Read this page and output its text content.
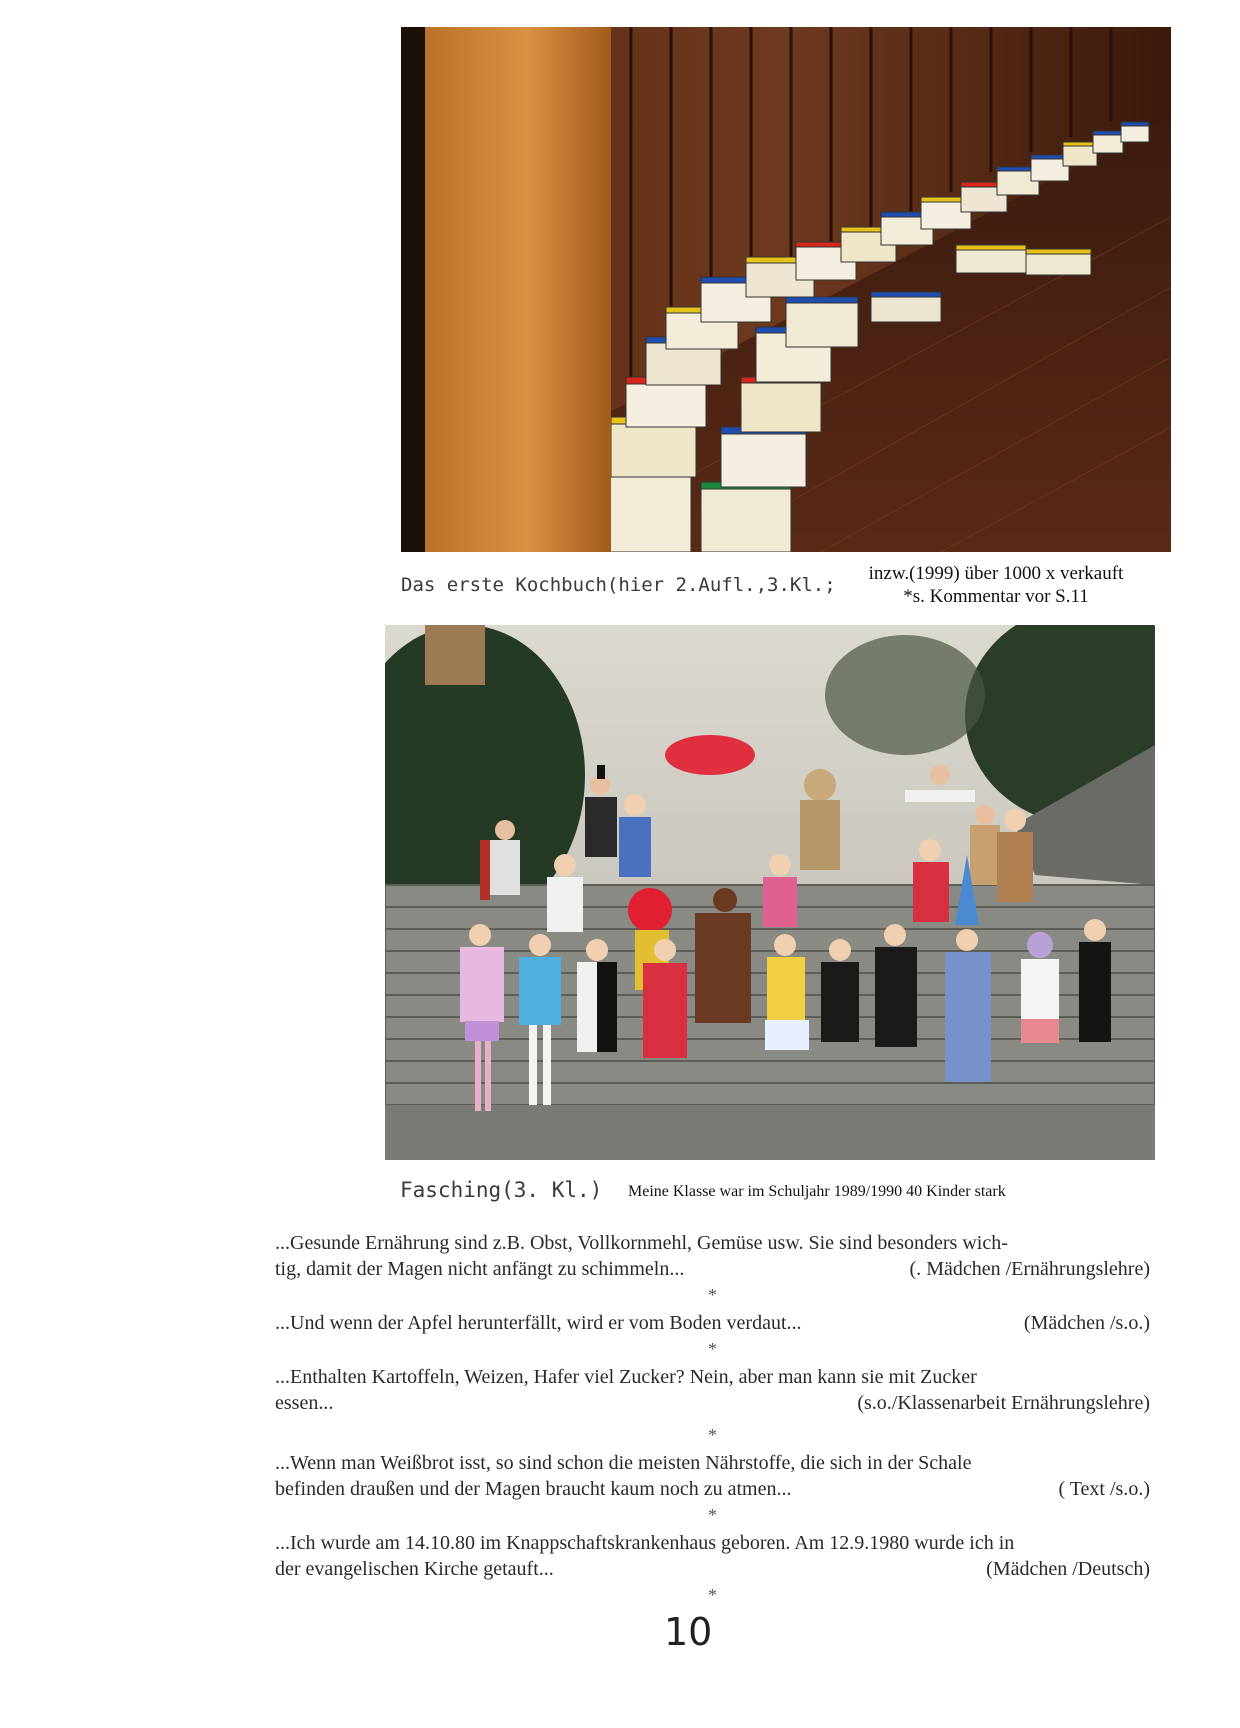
Das erste Kochbuch(hier 2.Aufl.,3.Kl.;
inzw.(1999) über 1000 x verkauft
*s. Kommentar vor S.11
Fasching(3. Kl.) Meine Klasse war im Schuljahr 1989/1990 40 Kinder stark
...Gesunde Ernährung sind z.B. Obst, Vollkornmehl, Gemüse usw. Sie sind besonders wich-
tig, damit der Magen nicht anfängt zu schimmeln...	(. Mädchen /Ernährungslehre)
*
...Und wenn der Apfel herunterfällt, wird er vom Boden verdaut...	(Mädchen /s.o.)
*
...Enthalten Kartoffeln, Weizen, Hafer viel Zucker? Nein, aber man kann sie mit Zucker
essen...	(s.o./Klassenarbeit Ernährungslehre)
*
...Wenn man Weißbrot isst, so sind schon die meisten Nährstoffe, die sich in der Schale
befinden draußen und der Magen braucht kaum noch zu atmen...	( Text /s.o.)
*
...Ich wurde am 14.10.80 im Knappschaftskrankenhaus geboren. Am 12.9.1980 wurde ich in
der evangelischen Kirche getauft...	(Mädchen /Deutsch)
*
10
